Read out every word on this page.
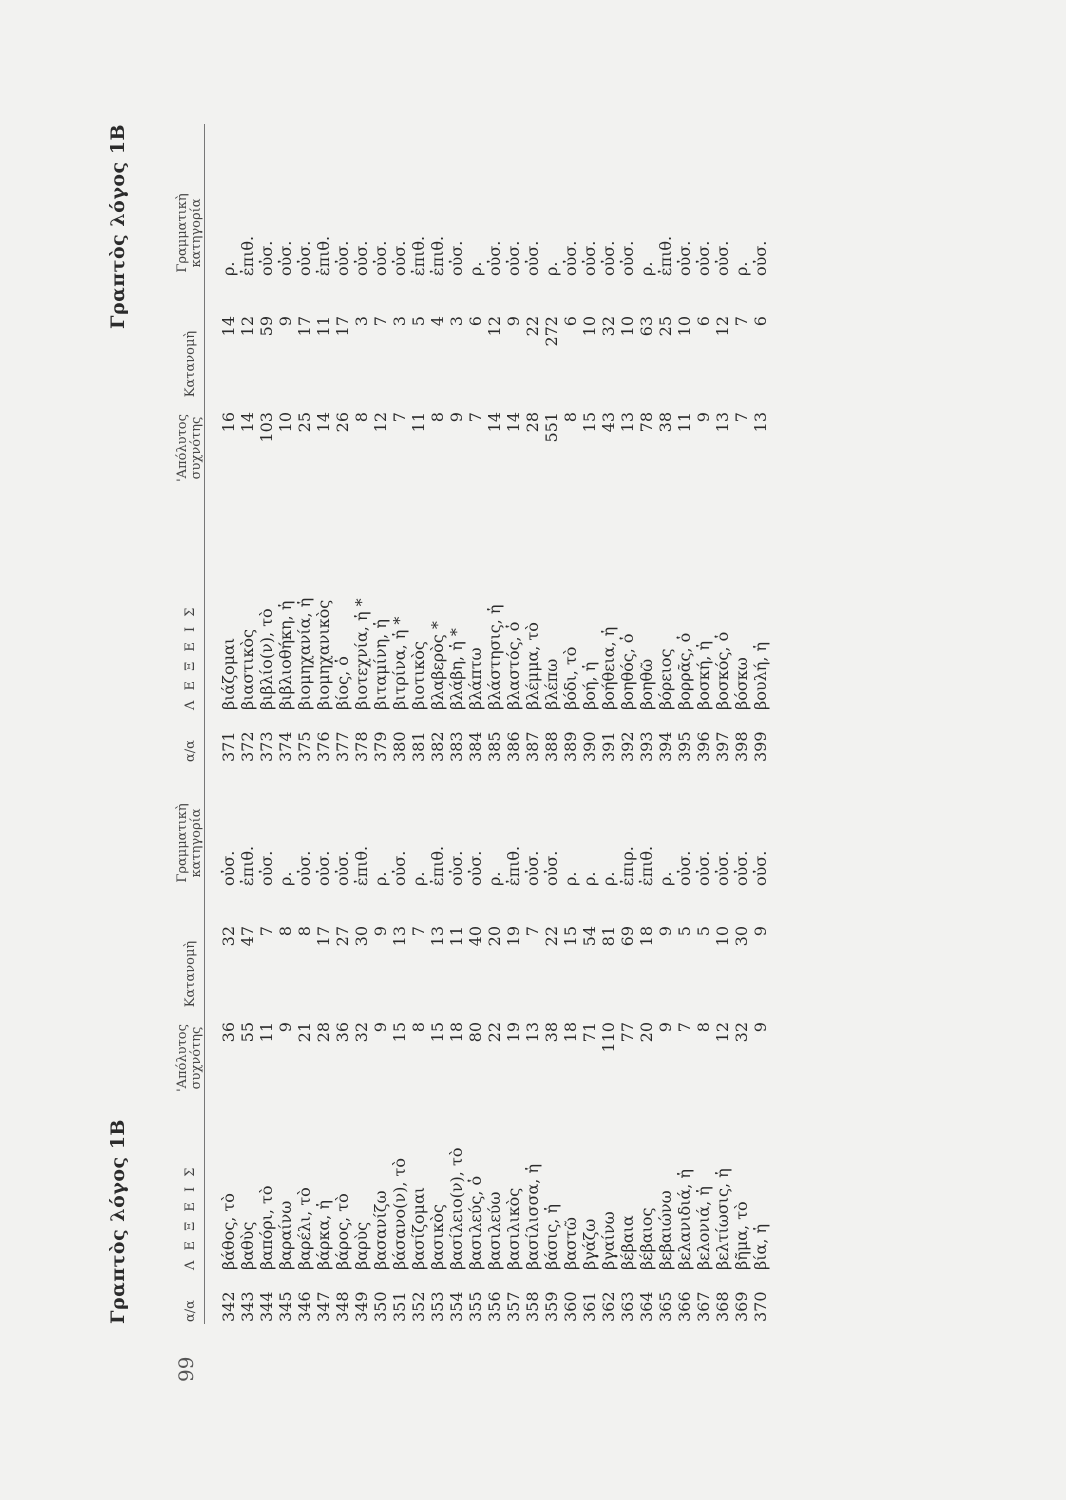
99
Γραπτὸς λόγος 1Β	α/α
Λ Ε Ξ Ε Ι Σ
'Απόλυτος συχνότης
Κατανομὴ
Γραμματικὴ κατηγορία
342
βάθος, τὸ
36
32
οὐσ.
343
βαθὺς
55
47
ἐπιθ.
344
βαπόρι, τὸ
11
7
οὐσ.
345
βαραίνω
9
8
ρ.
346
βαρέλι, τὸ
21
8
οὐσ.
347
βάρκα, ἡ
28
17
οὐσ.
348
βάρος, τὸ
36
27
οὐσ.
349
βαρὺς
32
30
ἐπιθ.
350
βασανίζω
9
9
ρ.
351
βάσανο(ν), τὸ
15
13
οὐσ.
352
βασίζομαι
8
7
ρ.
353
βασικὸς
15
13
ἐπιθ.
354
βασίλειο(ν), τὸ
18
11
οὐσ.
355
βασιλεύς, ὁ
80
40
οὐσ.
356
βασιλεύω
22
20
ρ.
357
βασιλικὸς
19
19
ἐπιθ.
358
βασίλισσα, ἡ
13
7
οὐσ.
359
βάσις, ἡ
38
22
οὐσ.
360
βαστῶ
18
15
ρ.
361
βγάζω
71
54
ρ.
362
βγαίνω
110
81
ρ.
363
βέβαια
77
69
ἐπιρ.
364
βέβαιος
20
18
ἐπιθ.
365
βεβαιώνω
9
9
ρ.
366
βελανιδιά, ἡ
7
5
οὐσ.
367
βελονιά, ἡ
8
5
οὐσ.
368
βελτίωσις, ἡ
12
10
οὐσ.
369
βῆμα, τὸ
32
30
οὐσ.
370
βία, ἡ
9
9
οὐσ.
Γραπτὸς λόγος 1Β
α/α
Λ Ε Ξ Ε Ι Σ
'Απόλυτος συχνότης
Κατανομὴ
Γραμματικὴ κατηγορία
371
βιάζομαι
16
14
ρ.
372
βιαστικὸς
14
12
ἐπιθ.
373
βιβλίο(ν), τὸ
103
59
οὐσ.
374
βιβλιοθήκη, ἡ
10
9
οὐσ.
375
βιομηχανία, ἡ
25
17
οὐσ.
376
βιομηχανικὸς
14
11
ἐπιθ.
377
βίος, ὁ
26
17
οὐσ.
378
βιοτεχνία, ἡ *
8
3
οὐσ.
379
βιταμίνη, ἡ
12
7
οὐσ.
380
βιτρίνα, ἡ *
7
3
οὐσ.
381
βιοτικὸς
11
5
ἐπιθ.
382
βλαβερὸς *
8
4
ἐπιθ.
383
βλάβη, ἡ *
9
3
οὐσ.
384
βλάπτω
7
6
ρ.
385
βλάστησις, ἡ
14
12
οὐσ.
386
βλαστός, ὁ
14
9
οὐσ.
387
βλέμμα, τὸ
28
22
οὐσ.
388
βλέπω
551
272
ρ.
389
βόδι, τὸ
8
6
οὐσ.
390
βοή, ἡ
15
10
οὐσ.
391
βοήθεια, ἡ
43
32
οὐσ.
392
βοηθός, ὁ
13
10
οὐσ.
393
βοηθῶ
78
63
ρ.
394
βόρειος
38
25
ἐπιθ.
395
βορρᾶς, ὁ
11
10
οὐσ.
396
βοσκή, ἡ
9
6
οὐσ.
397
βοσκός, ὁ
13
12
οὐσ.
398
βόσκω
7
7
ρ.
399
βουλή, ἡ
13
6
οὐσ.
